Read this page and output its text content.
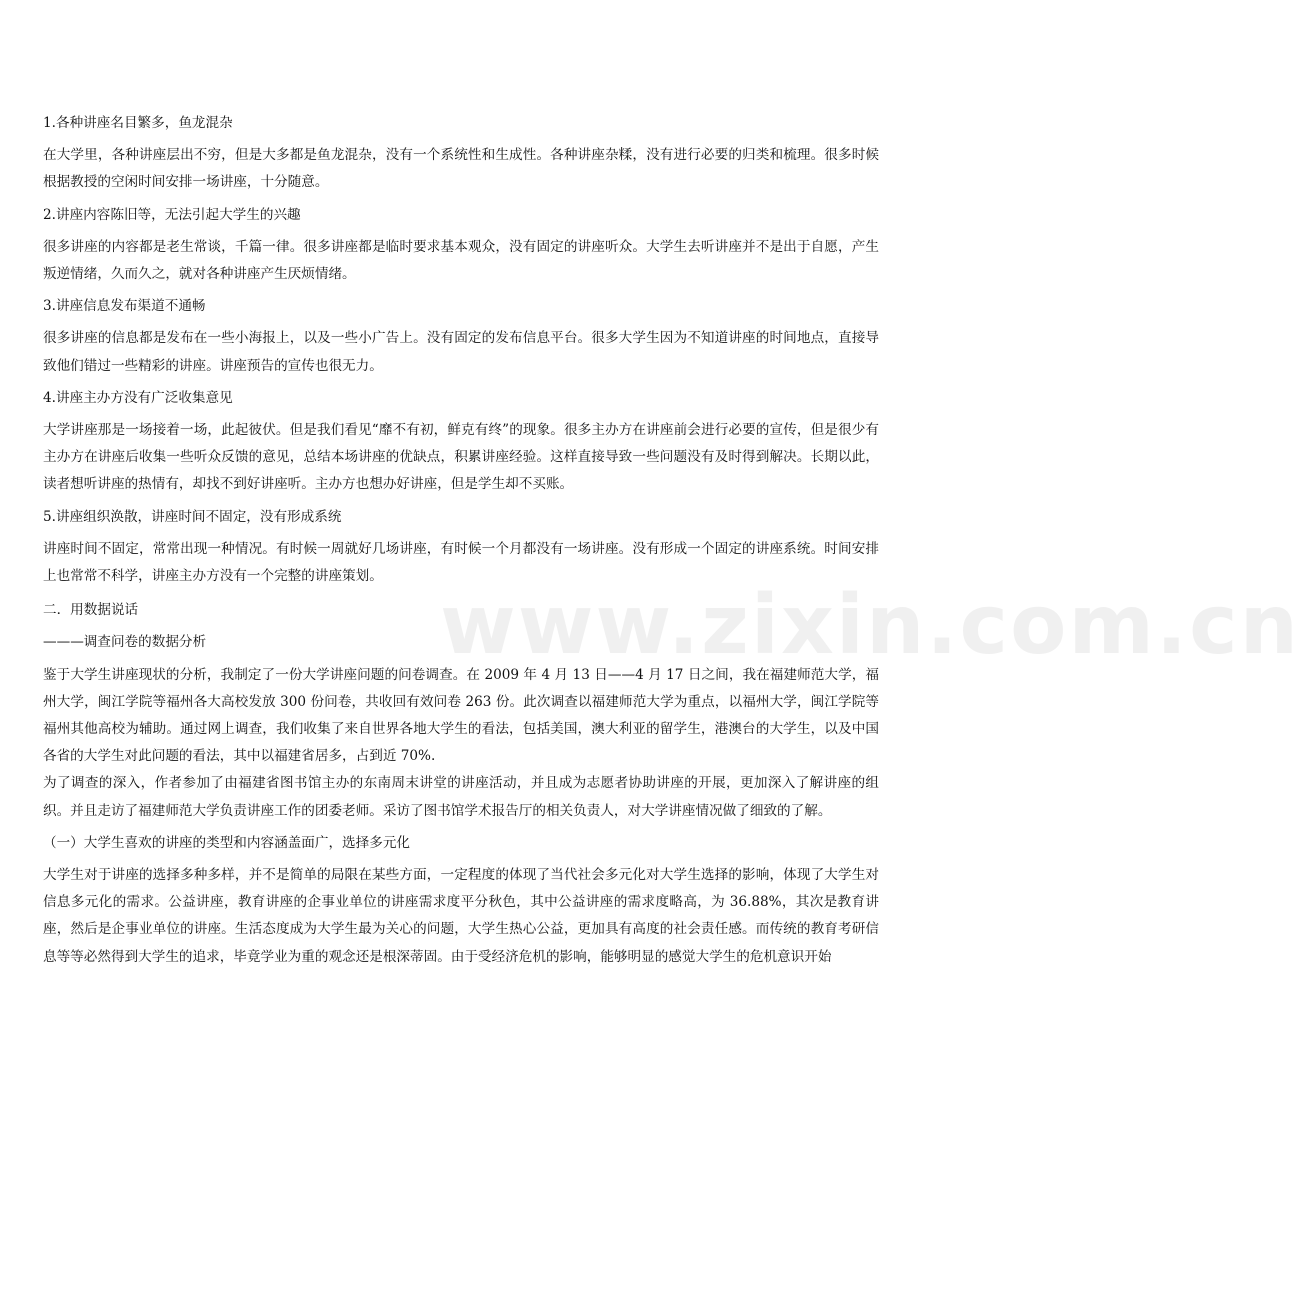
www.zixin.com.cn

1.各种讲座名目繁多，鱼龙混杂

在大学里，各种讲座层出不穷，但是大多都是鱼龙混杂，没有一个系统性和生成性。各种讲座杂糅，没有进行必要的归类和梳理。很多时候根据教授的空闲时间安排一场讲座，十分随意。

2.讲座内容陈旧等，无法引起大学生的兴趣

很多讲座的内容都是老生常谈，千篇一律。很多讲座都是临时要求基本观众，没有固定的讲座听众。大学生去听讲座并不是出于自愿，产生叛逆情绪，久而久之，就对各种讲座产生厌烦情绪。

3.讲座信息发布渠道不通畅

很多讲座的信息都是发布在一些小海报上，以及一些小广告上。没有固定的发布信息平台。很多大学生因为不知道讲座的时间地点，直接导致他们错过一些精彩的讲座。讲座预告的宣传也很无力。

4.讲座主办方没有广泛收集意见

大学讲座那是一场接着一场，此起彼伏。但是我们看见“靡不有初，鲜克有终”的现象。很多主办方在讲座前会进行必要的宣传，但是很少有主办方在讲座后收集一些听众反馈的意见，总结本场讲座的优缺点，积累讲座经验。这样直接导致一些问题没有及时得到解决。长期以此，读者想听讲座的热情有，却找不到好讲座听。主办方也想办好讲座，但是学生却不买账。

5.讲座组织涣散，讲座时间不固定，没有形成系统

讲座时间不固定，常常出现一种情况。有时候一周就好几场讲座，有时候一个月都没有一场讲座。没有形成一个固定的讲座系统。时间安排上也常常不科学，讲座主办方没有一个完整的讲座策划。

二．用数据说话

———调查问卷的数据分析

鉴于大学生讲座现状的分析，我制定了一份大学讲座问题的问卷调查。在 2009 年 4 月 13 日——4 月 17 日之间，我在福建师范大学，福州大学，闽江学院等福州各大高校发放 300 份问卷，共收回有效问卷 263 份。此次调查以福建师范大学为重点，以福州大学，闽江学院等福州其他高校为辅助。通过网上调查，我们收集了来自世界各地大学生的看法，包括美国，澳大利亚的留学生，港澳台的大学生，以及中国各省的大学生对此问题的看法，其中以福建省居多，占到近 70%.

为了调查的深入，作者参加了由福建省图书馆主办的东南周末讲堂的讲座活动，并且成为志愿者协助讲座的开展，更加深入了解讲座的组织。并且走访了福建师范大学负责讲座工作的团委老师。采访了图书馆学术报告厅的相关负责人，对大学讲座情况做了细致的了解。

（一）大学生喜欢的讲座的类型和内容涵盖面广，选择多元化

大学生对于讲座的选择多种多样，并不是简单的局限在某些方面，一定程度的体现了当代社会多元化对大学生选择的影响，体现了大学生对信息多元化的需求。公益讲座，教育讲座的企事业单位的讲座需求度平分秋色，其中公益讲座的需求度略高，为 36.88%，其次是教育讲座，然后是企事业单位的讲座。生活态度成为大学生最为关心的问题，大学生热心公益，更加具有高度的社会责任感。而传统的教育考研信息等等必然得到大学生的追求，毕竟学业为重的观念还是根深蒂固。由于受经济危机的影响，能够明显的感觉大学生的危机意识开始
